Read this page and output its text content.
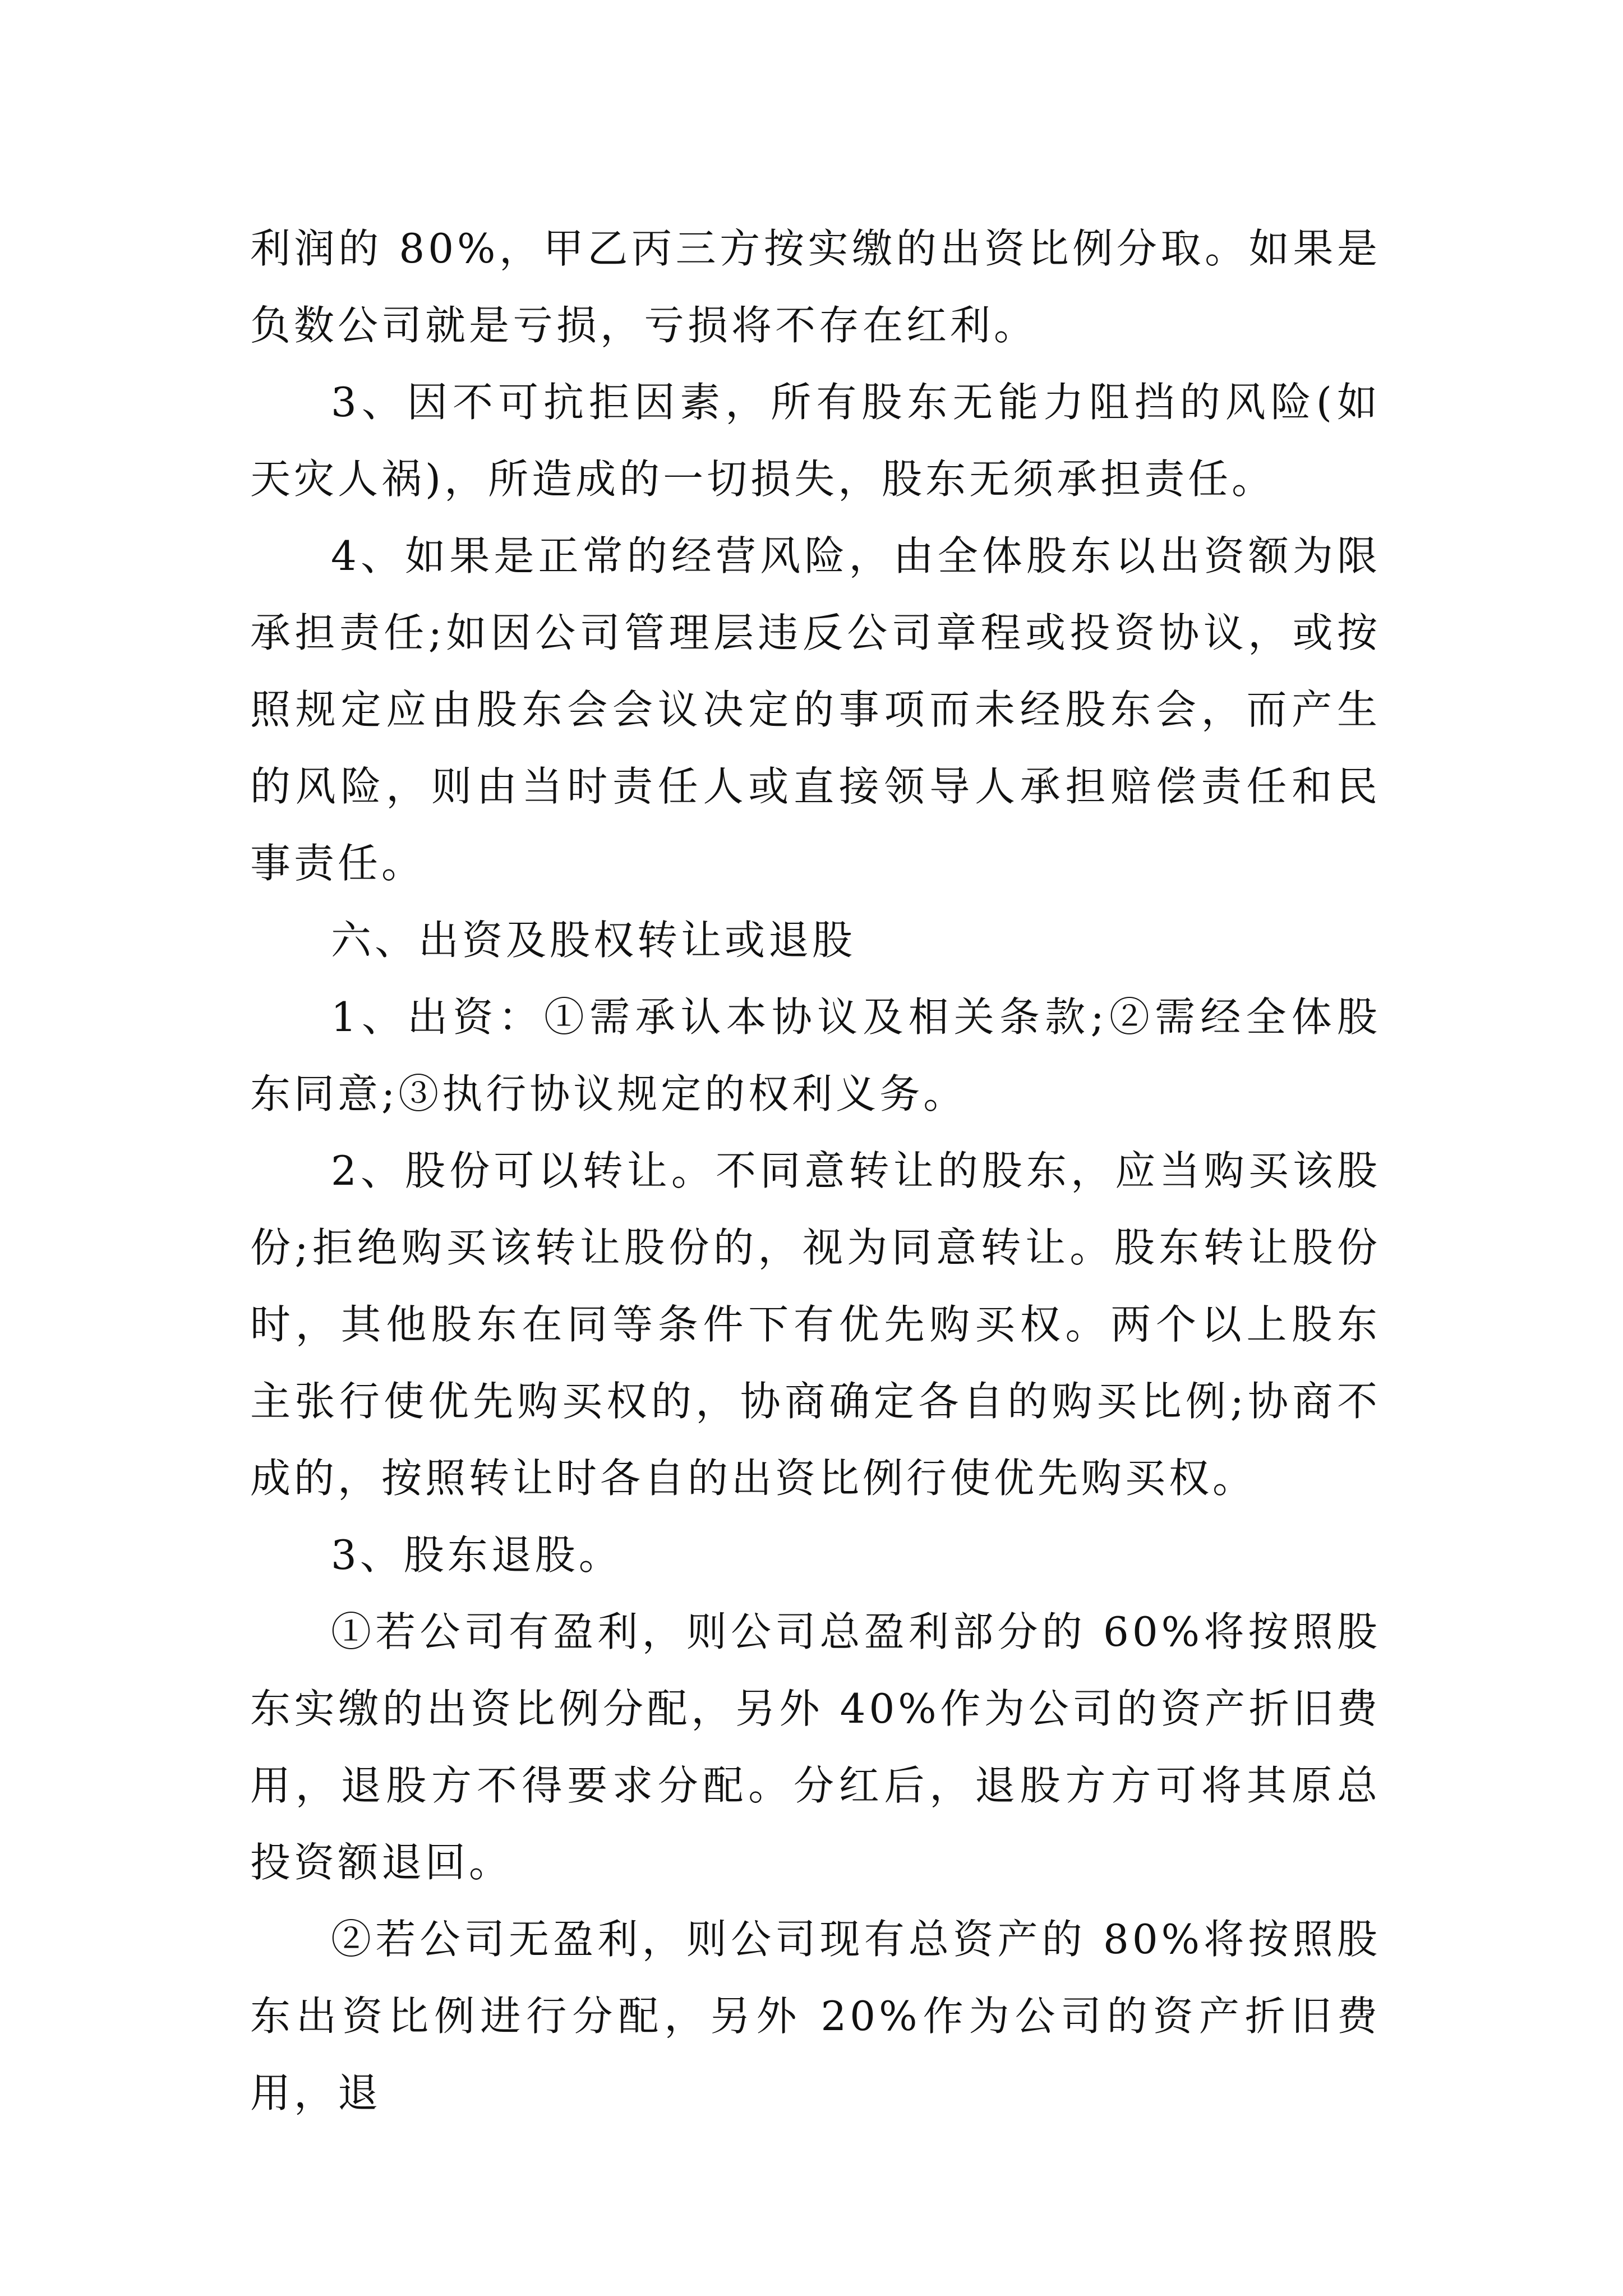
利润的 80%，甲乙丙三方按实缴的出资比例分取。如果是负数公司就是亏损，亏损将不存在红利。

3、因不可抗拒因素，所有股东无能力阻挡的风险(如天灾人祸)，所造成的一切损失，股东无须承担责任。

4、如果是正常的经营风险，由全体股东以出资额为限承担责任;如因公司管理层违反公司章程或投资协议，或按照规定应由股东会会议决定的事项而未经股东会，而产生的风险，则由当时责任人或直接领导人承担赔偿责任和民事责任。

六、出资及股权转让或退股

1、出资：①需承认本协议及相关条款;②需经全体股东同意;③执行协议规定的权利义务。

2、股份可以转让。不同意转让的股东，应当购买该股份;拒绝购买该转让股份的，视为同意转让。股东转让股份时，其他股东在同等条件下有优先购买权。两个以上股东主张行使优先购买权的，协商确定各自的购买比例;协商不成的，按照转让时各自的出资比例行使优先购买权。

3、股东退股。

①若公司有盈利，则公司总盈利部分的 60%将按照股东实缴的出资比例分配，另外 40%作为公司的资产折旧费用，退股方不得要求分配。分红后，退股方方可将其原总投资额退回。

②若公司无盈利，则公司现有总资产的 80%将按照股东出资比例进行分配，另外 20%作为公司的资产折旧费用，退
